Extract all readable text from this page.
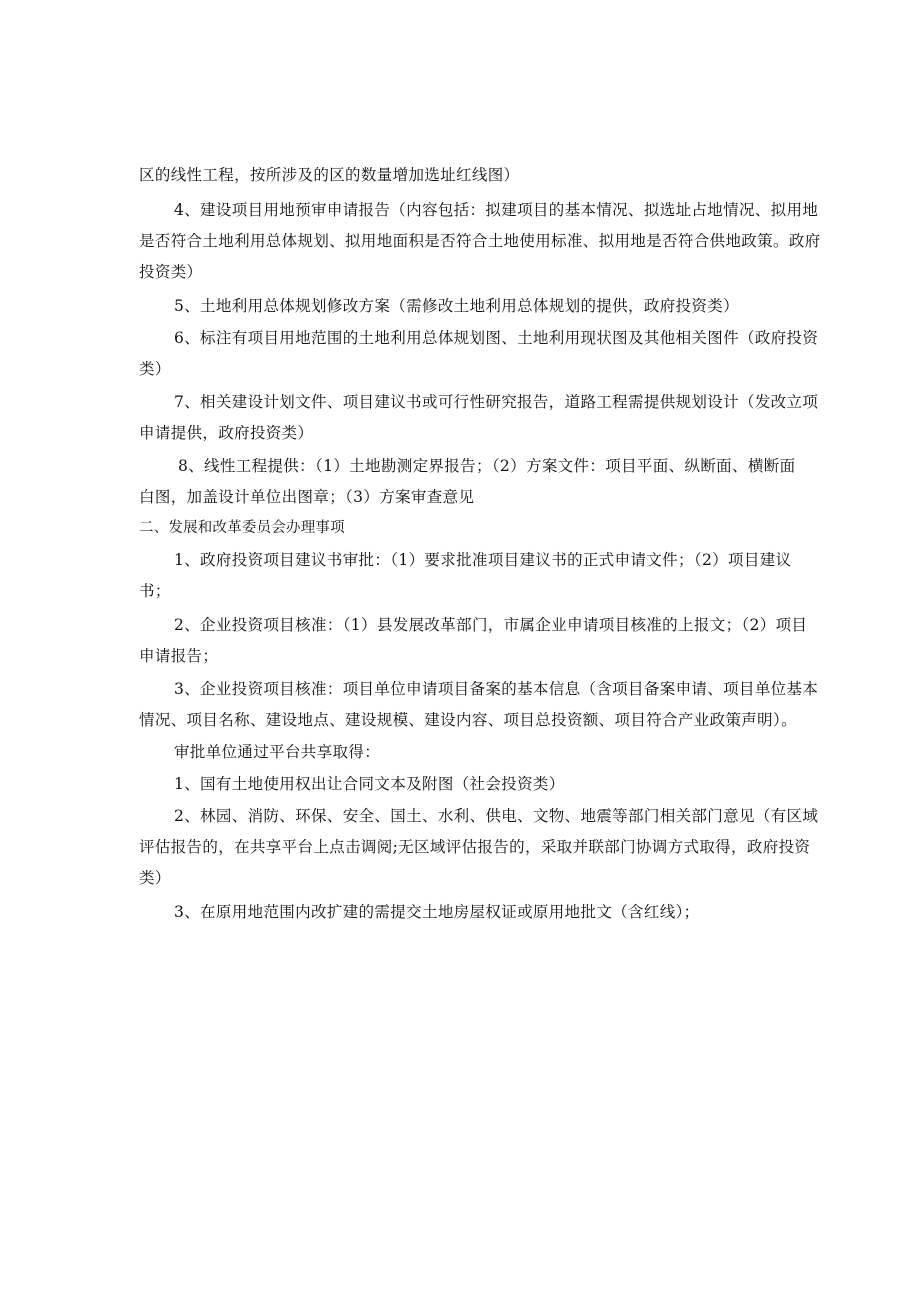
区的线性工程，按所涉及的区的数量增加选址红线图）
4、建设项目用地预审申请报告（内容包括：拟建项目的基本情况、拟选址占地情况、拟用地
是否符合土地利用总体规划、拟用地面积是否符合土地使用标准、拟用地是否符合供地政策。政府
投资类）
5、土地利用总体规划修改方案（需修改土地利用总体规划的提供，政府投资类）
6、标注有项目用地范围的土地利用总体规划图、土地利用现状图及其他相关图件（政府投资
类）
7、相关建设计划文件、项目建议书或可行性研究报告，道路工程需提供规划设计（发改立项
申请提供，政府投资类）
8、线性工程提供：（1）土地勘测定界报告；（2）方案文件：项目平面、纵断面、横断面
白图，加盖设计单位出图章；（3）方案审查意见
二、发展和改革委员会办理事项
1、政府投资项目建议书审批：（1）要求批准项目建议书的正式申请文件；（2）项目建议
书；
2、企业投资项目核准：（1）县发展改革部门，市属企业申请项目核准的上报文；（2）项目
申请报告；
3、企业投资项目核准：项目单位申请项目备案的基本信息（含项目备案申请、项目单位基本
情况、项目名称、建设地点、建设规模、建设内容、项目总投资额、项目符合产业政策声明）。
审批单位通过平台共享取得：
1、国有土地使用权出让合同文本及附图（社会投资类）
2、林园、消防、环保、安全、国土、水利、供电、文物、地震等部门相关部门意见（有区域
评估报告的，在共享平台上点击调阅;无区域评估报告的，采取并联部门协调方式取得，政府投资
类）
3、在原用地范围内改扩建的需提交土地房屋权证或原用地批文（含红线）；
